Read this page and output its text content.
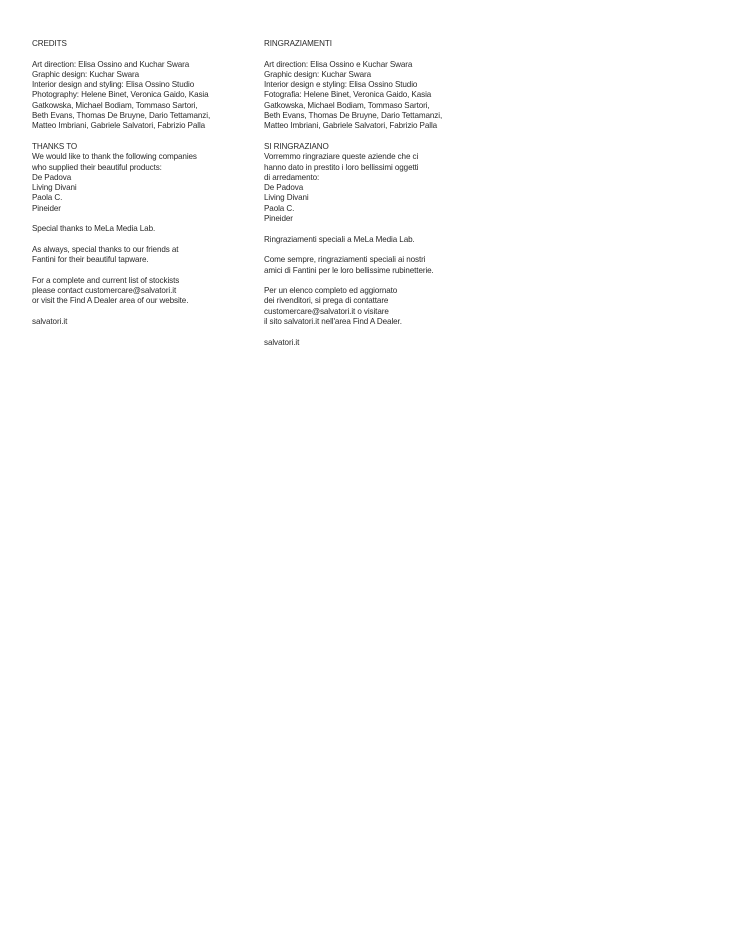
CREDITS
Art direction: Elisa Ossino and Kuchar Swara
Graphic design: Kuchar Swara
Interior design and styling: Elisa Ossino Studio
Photography: Helene Binet, Veronica Gaido, Kasia
Gatkowska, Michael Bodiam, Tommaso Sartori,
Beth Evans, Thomas De Bruyne, Dario Tettamanzi,
Matteo Imbriani, Gabriele Salvatori, Fabrizio Palla
THANKS TO
We would like to thank the following companies
who supplied their beautiful products:
De Padova
Living Divani
Paola C.
Pineider
Special thanks to MeLa Media Lab.
As always, special thanks to our friends at
Fantini for their beautiful tapware.
For a complete and current list of stockists
please contact customercare@salvatori.it
or visit the Find A Dealer area of our website.
salvatori.it
RINGRAZIAMENTI
Art direction: Elisa Ossino e Kuchar Swara
Graphic design: Kuchar Swara
Interior design e styling: Elisa Ossino Studio
Fotografia: Helene Binet, Veronica Gaido, Kasia
Gatkowska, Michael Bodiam, Tommaso Sartori,
Beth Evans, Thomas De Bruyne, Dario Tettamanzi,
Matteo Imbriani, Gabriele Salvatori, Fabrizio Palla
SI RINGRAZIANO
Vorremmo ringraziare queste aziende che ci
hanno dato in prestito i loro bellissimi oggetti
di arredamento:
De Padova
Living Divani
Paola C.
Pineider
Ringraziamenti speciali a MeLa Media Lab.
Come sempre, ringraziamenti speciali ai nostri
amici di Fantini per le loro bellissime rubinetterie.
Per un elenco completo ed aggiornato
dei rivenditori, si prega di contattare
customercare@salvatori.it o visitare
il sito salvatori.it nell'area Find A Dealer.
salvatori.it
